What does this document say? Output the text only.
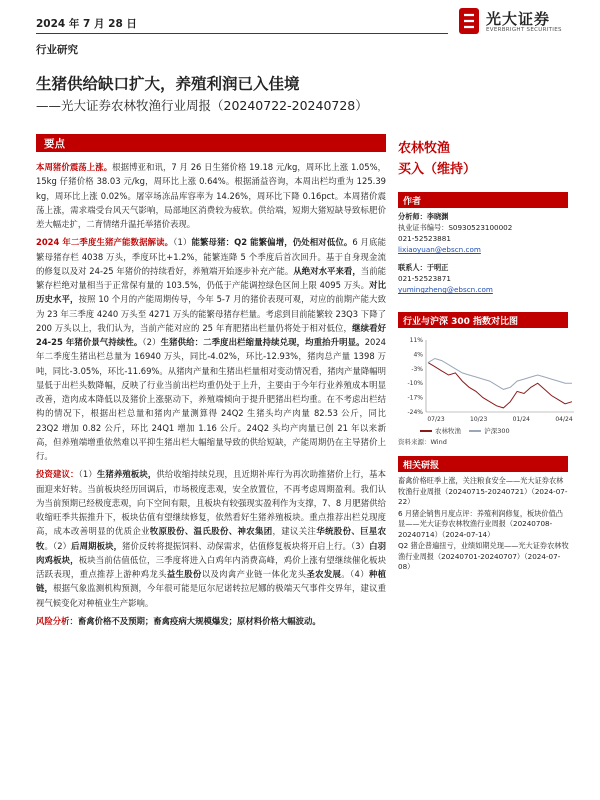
2024 年 7 月 28 日	光大证券
EVERBRIGHT SECURITIES
行业研究
生猪供给缺口扩大，养殖利润已入佳境
——光大证券农林牧渔行业周报（20240722-20240728）
要点

本周猪价震荡上涨。根据博亚和讯，7 月 26 日生猪价格 19.18 元/kg，周环比上涨 1.05%，15kg 仔猪价格 38.03 元/kg，周环比上涨 0.64%。根据涌益咨询，本周出栏均重为 125.39 kg，周环比上涨 0.02%。屠宰场冻品库容率为 14.26%，周环比下降 0.16pct。本周猪价震荡上涨，需求端受台风天气影响，局部地区消费较为疲软。供给端，短期大猪短缺导致标肥价差大幅走扩，二育情绪升温托举猪价表现。

2024 年二季度生猪产能数据解读。（1）能繁母猪：Q2 能繁偏增，仍处相对低位。6 月底能繁母猪存栏 4038 万头，季度环比+1.2%，能繁连降 5 个季度后首次回升。基于自身现金流的修复以及对 24-25 年猪价的持续看好，养殖端开始逐步补充产能。从绝对水平来看，当前能繁存栏绝对量相当于正常保有量的 103.5%，仍低于产能调控绿色区间上限 4095 万头。对比历史水平，按照 10 个月的产能周期传导，今年 5-7 月的猪价表现可观，对应的前期产能大致为 23 年三季度 4240 万头至 4271 万头的能繁母猪存栏量。考虑到目前能繁较 23Q3 下降了 200 万头以上，我们认为，当前产能对应的 25 年育肥猪出栏量仍将处于相对低位，继续看好 24-25 年猪价景气持续性。（2）生猪供给：二季度出栏缩量持续兑现，均重抬升明显。2024 年二季度生猪出栏总量为 16940 万头，同比-4.02%，环比-12.93%，猪肉总产量 1398 万吨，同比-3.05%，环比-11.69%。从猪肉产量和生猪出栏量相对变动情况看，猪肉产量降幅明显低于出栏头数降幅，反映了行业当前出栏均重仍处于上升，主要由于今年行业养殖成本明显改善，造肉成本降低以及猪价上涨驱动下，养殖端倾向于提升肥猪出栏均重。在不考虑出栏结构的情况下，根据出栏总量和猪肉产量测算得 24Q2 生猪头均产肉量 82.53 公斤，同比 23Q2 增加 0.82 公斤，环比 24Q1 增加 1.16 公斤。24Q2 头均产肉量已创 21 年以来新高，但养殖端增重依然难以平抑生猪出栏大幅缩量导致的供给短缺，产能周期仍在主导猪价上行。

投资建议：（1）生猪养殖板块，供给收缩持续兑现，且近期补库行为再次助推猪价上行，基本面迎来好转。当前板块经历回调后，市场极度悲观，安全放置位，不再考虑周期盈利。我们认为当前预期已经极度悲观，向下空间有限，且板块有较强现实盈利作为支撑，7、8 月肥猪供给收缩旺季共振推升下，板块估值有望继续修复，依然看好生猪养殖板块。重点推荐出栏兑现度高，成本改善明显的优质企业牧原股份、温氏股份、神农集团，建议关注华统股份、巨星农牧。（2）后周期板块，猪价反转将提振饲料、动保需求，估值修复板块将开启上行。（3）白羽肉鸡板块，板块当前估值低位，三季度将进入白鸡年内消费高峰，鸡价上涨有望继续催化板块活跃表现，重点推荐上游种鸡龙头益生股份以及肉禽产业链一体化龙头圣农发展。（4）种植链，根据气象监测机构预测，今年很可能是厄尔尼诺转拉尼娜的极端天气事件交界年，建议重视气候变化对种植业生产影响。

风险分析：畜禽价格不及预期；畜禽疫病大规模爆发；原材料价格大幅波动。

农林牧渔
买入（维持）
作者
分析师：李晓渊
执业证书编号：S0930523100002
021-52523881
lixiaoyuan@ebscn.com
联系人：于明正
021-52523871
yumingzheng@ebscn.com
行业与沪深 300 指数对比图
-24%
-17%
-10%
-3%
4%
11%
07/23	10/23	01/24	04/24
农林牧渔	沪深300
资料来源：Wind
相关研报

畜禽价格旺季上涨，关注粮食安全——光大证券农林牧渔行业周报（20240715-20240721）（2024-07-22）

6 月猪企销售月度点评：养殖利润修复，板块价值凸显——光大证券农林牧渔行业周报（20240708-20240714）（2024-07-14）

Q2 猪企普遍扭亏，业绩如期兑现——光大证券农林牧渔行业周报（20240701-20240707）（2024-07-08）
